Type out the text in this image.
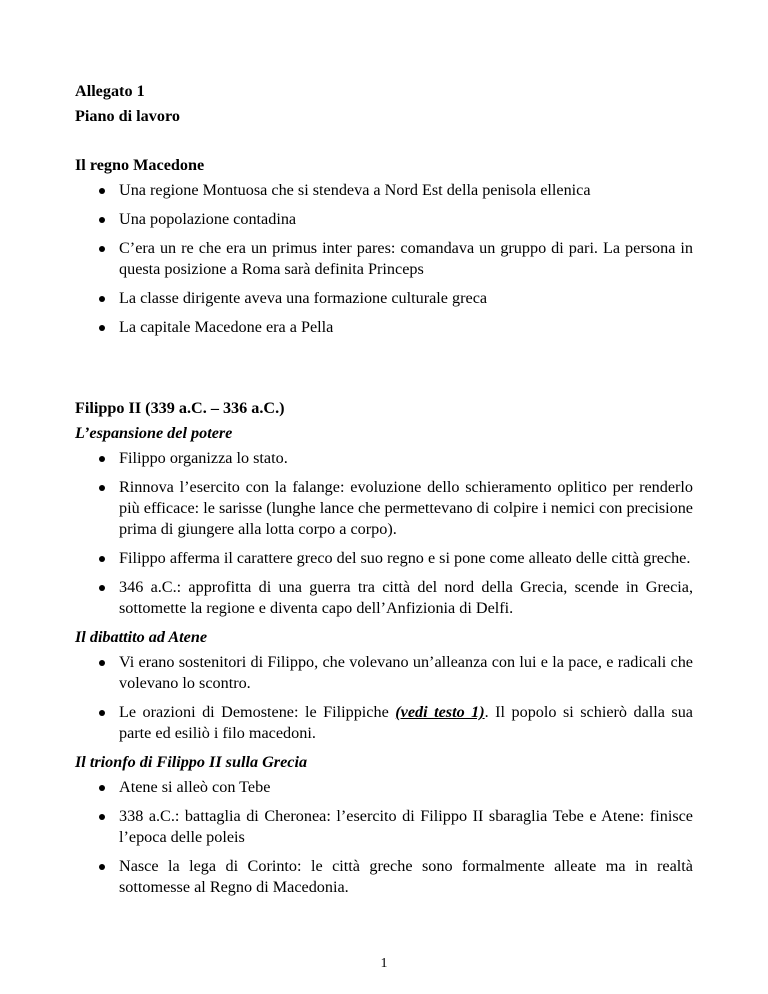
Allegato 1

Piano di lavoro

Il regno Macedone

Una regione Montuosa che si stendeva a Nord Est della penisola ellenica
Una popolazione contadina
C’era un re che era un primus inter pares: comandava un gruppo di pari. La persona in questa posizione a Roma sarà definita Princeps
La classe dirigente aveva una formazione culturale greca
La capitale Macedone era a Pella

Filippo II (339 a.C. – 336 a.C.)

L’espansione del potere

Filippo organizza lo stato.
Rinnova l’esercito con la falange: evoluzione dello schieramento oplitico per renderlo più efficace: le sarisse (lunghe lance che permettevano di colpire i nemici con precisione prima di giungere alla lotta corpo a corpo).
Filippo afferma il carattere greco del suo regno e si pone come alleato delle città greche.
346 a.C.: approfitta di una guerra tra città del nord della Grecia, scende in Grecia, sottomette la regione e diventa capo dell’Anfizionia di Delfi.

Il dibattito ad Atene

Vi erano sostenitori di Filippo, che volevano un’alleanza con lui e la pace, e radicali che volevano lo scontro.
Le orazioni di Demostene: le Filippiche (vedi testo 1). Il popolo si schierò dalla sua parte ed esiliò i filo macedoni.

Il trionfo di Filippo II sulla Grecia

Atene si alleò con Tebe
338 a.C.: battaglia di Cheronea: l’esercito di Filippo II sbaraglia Tebe e Atene: finisce l’epoca delle poleis
Nasce la lega di Corinto: le città greche sono formalmente alleate ma in realtà sottomesse al Regno di Macedonia.
1
